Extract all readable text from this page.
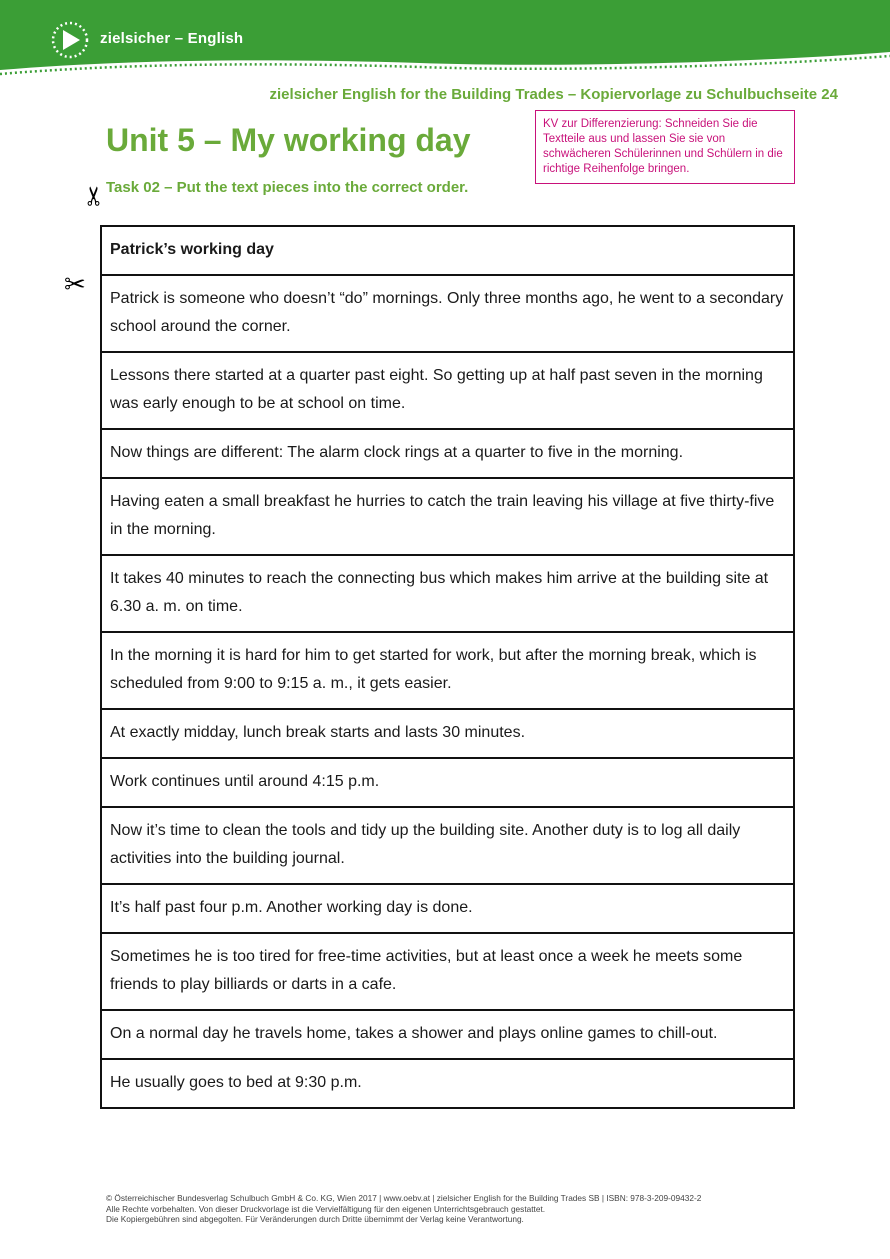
zielsicher – English
zielsicher English for the Building Trades – Kopiervorlage zu Schulbuchseite 24
Unit 5 – My working day	KV zur Differenzierung: Schneiden Sie die Textteile aus und lassen Sie sie von schwächeren Schülerinnen und Schülern in die richtige Reihenfolge bringen.
Task 02 – Put the text pieces into the correct order.
✂
✂
Patrick’s working day
Patrick is someone who doesn’t “do” mornings. Only three months ago, he went to a secondary school around the corner.
Lessons there started at a quarter past eight. So getting up at half past seven in the morning was early enough to be at school on time.
Now things are different: The alarm clock rings at a quarter to five in the morning.
Having eaten a small breakfast he hurries to catch the train leaving his village at five thirty-five in the morning.
It takes 40 minutes to reach the connecting bus which makes him arrive at the building site at 6.30 a. m. on time.
In the morning it is hard for him to get started for work, but after the morning break, which is scheduled from 9:00 to 9:15 a. m., it gets easier.
At exactly midday, lunch break starts and lasts 30 minutes.
Work continues until around 4:15 p.m.
Now it’s time to clean the tools and tidy up the building site. Another duty is to log all daily activities into the building journal.
It’s half past four p.m. Another working day is done.
Sometimes he is too tired for free-time activities, but at least once a week he meets some friends to play billiards or darts in a cafe.
On a normal day he travels home, takes a shower and plays online games to chill-out.
He usually goes to bed at 9:30 p.m.
© Österreichischer Bundesverlag Schulbuch GmbH & Co. KG, Wien 2017 | www.oebv.at | zielsicher English for the Building Trades SB | ISBN: 978-3-209-09432-2
Alle Rechte vorbehalten. Von dieser Druckvorlage ist die Vervielfältigung für den eigenen Unterrichtsgebrauch gestattet.
Die Kopiergebühren sind abgegolten. Für Veränderungen durch Dritte übernimmt der Verlag keine Verantwortung.
